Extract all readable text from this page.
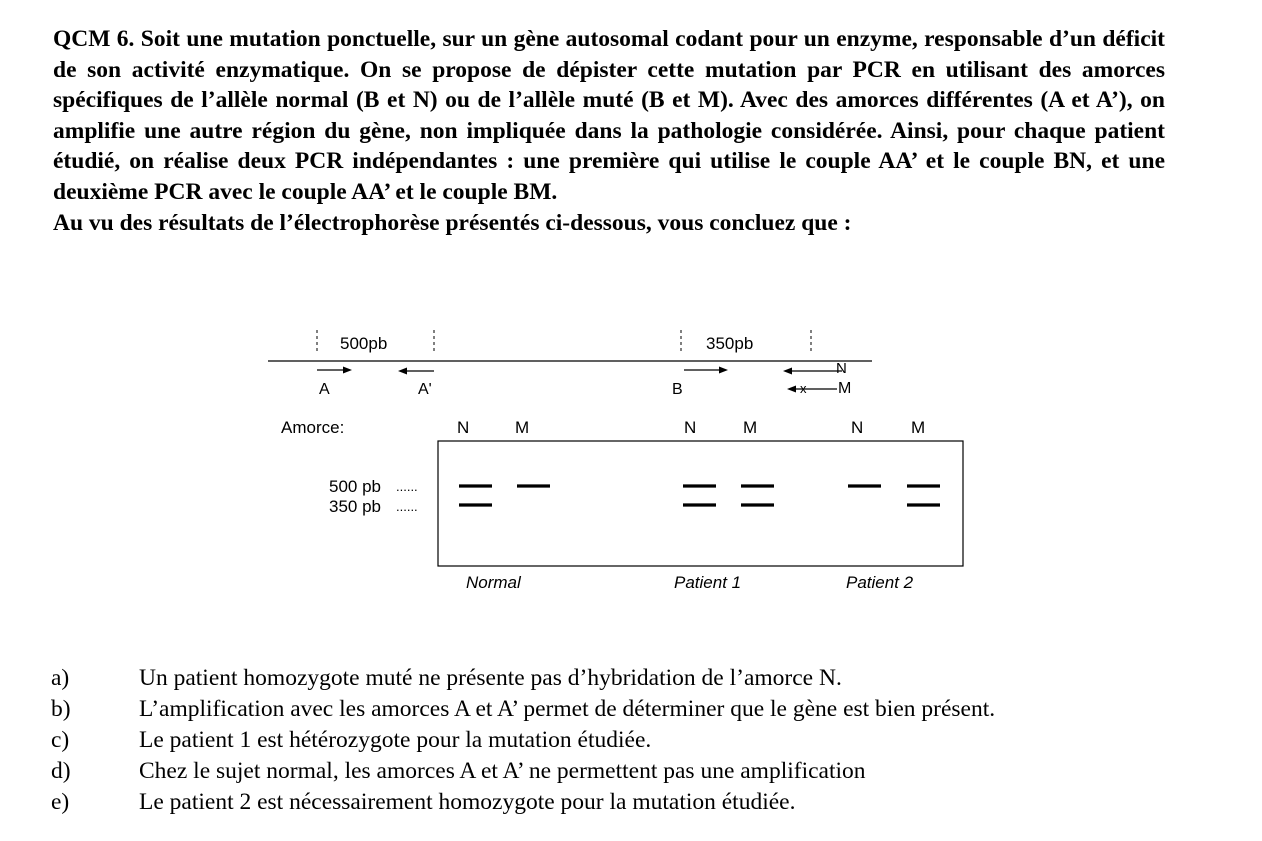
QCM 6. Soit une mutation ponctuelle, sur un gène autosomal codant pour un enzyme, responsable d’un déficit de son activité enzymatique. On se propose de dépister cette mutation par PCR en utilisant des amorces spécifiques de l’allèle normal (B et N) ou de l’allèle muté (B et M). Avec des amorces différentes (A et A’), on amplifie une autre région du gène, non impliquée dans la pathologie considérée. Ainsi, pour chaque patient étudié, on réalise deux PCR indépendantes : une première qui utilise le couple AA’ et le couple BN, et une deuxième PCR avec le couple AA’ et le couple BM.

Au vu des résultats de l’électrophorèse présentés ci-dessous, vous concluez que :

500pb	350pb
x
A	A'	B
N
M
Amorce:	N	M	N	M	N	M
500 pb
350 pb
......
......
Normal	Patient 1	Patient 2
a)	Un patient homozygote muté ne présente pas d’hybridation de l’amorce N.
b)	L’amplification avec les amorces A et A’ permet de déterminer que le gène est bien présent.
c)	Le patient 1 est hétérozygote pour la mutation étudiée.
d)	Chez le sujet normal, les amorces A et A’ ne permettent pas une amplification
e)	Le patient 2 est nécessairement homozygote pour la mutation étudiée.
